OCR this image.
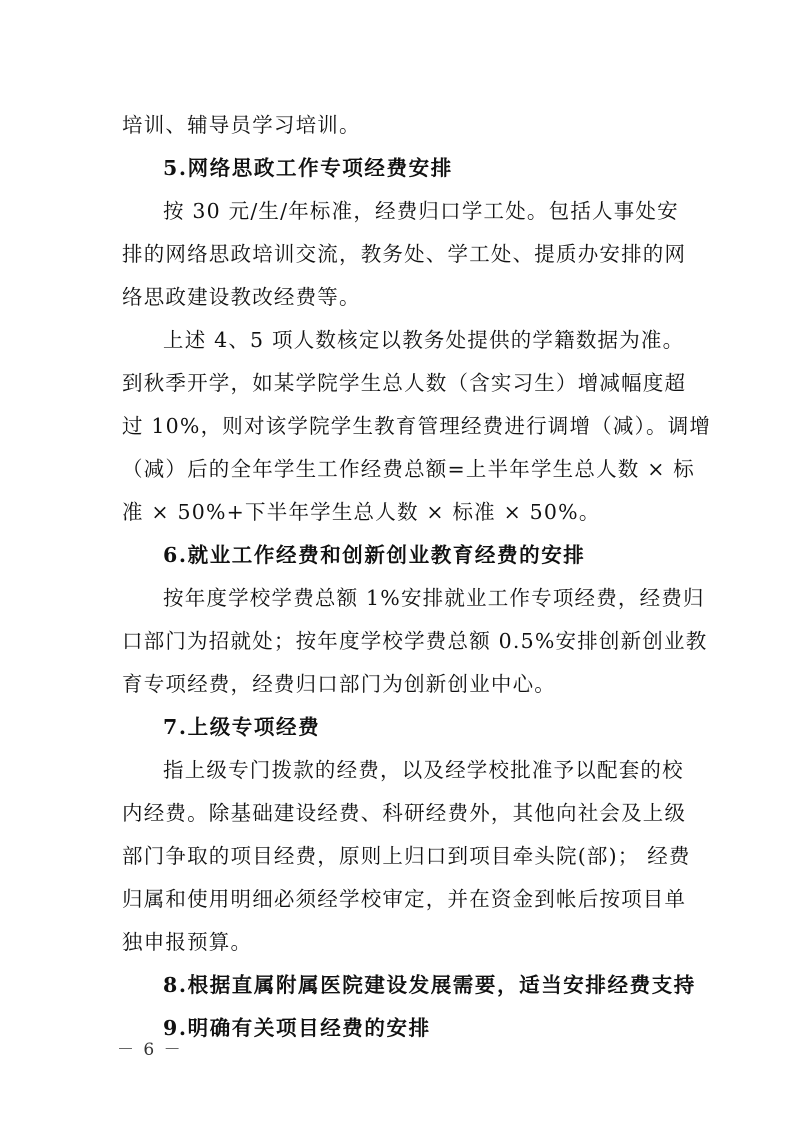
培训、辅导员学习培训。
5.网络思政工作专项经费安排
按 30 元/生/年标准，经费归口学工处。包括人事处安
排的网络思政培训交流，教务处、学工处、提质办安排的网
络思政建设教改经费等。
上述 4、5 项人数核定以教务处提供的学籍数据为准。
到秋季开学，如某学院学生总人数（含实习生）增减幅度超
过 10%，则对该学院学生教育管理经费进行调增（减）。调增
（减）后的全年学生工作经费总额=上半年学生总人数 × 标
准 × 50%+下半年学生总人数 × 标准 × 50%。
6.就业工作经费和创新创业教育经费的安排
按年度学校学费总额 1%安排就业工作专项经费，经费归
口部门为招就处；按年度学校学费总额 0.5%安排创新创业教
育专项经费，经费归口部门为创新创业中心。
7.上级专项经费
指上级专门拨款的经费，以及经学校批准予以配套的校
内经费。除基础建设经费、科研经费外，其他向社会及上级
部门争取的项目经费，原则上归口到项目牵头院(部)； 经费
归属和使用明细必须经学校审定，并在资金到帐后按项目单
独申报预算。
8.根据直属附属医院建设发展需要，适当安排经费支持
9.明确有关项目经费的安排
－ 6 －
